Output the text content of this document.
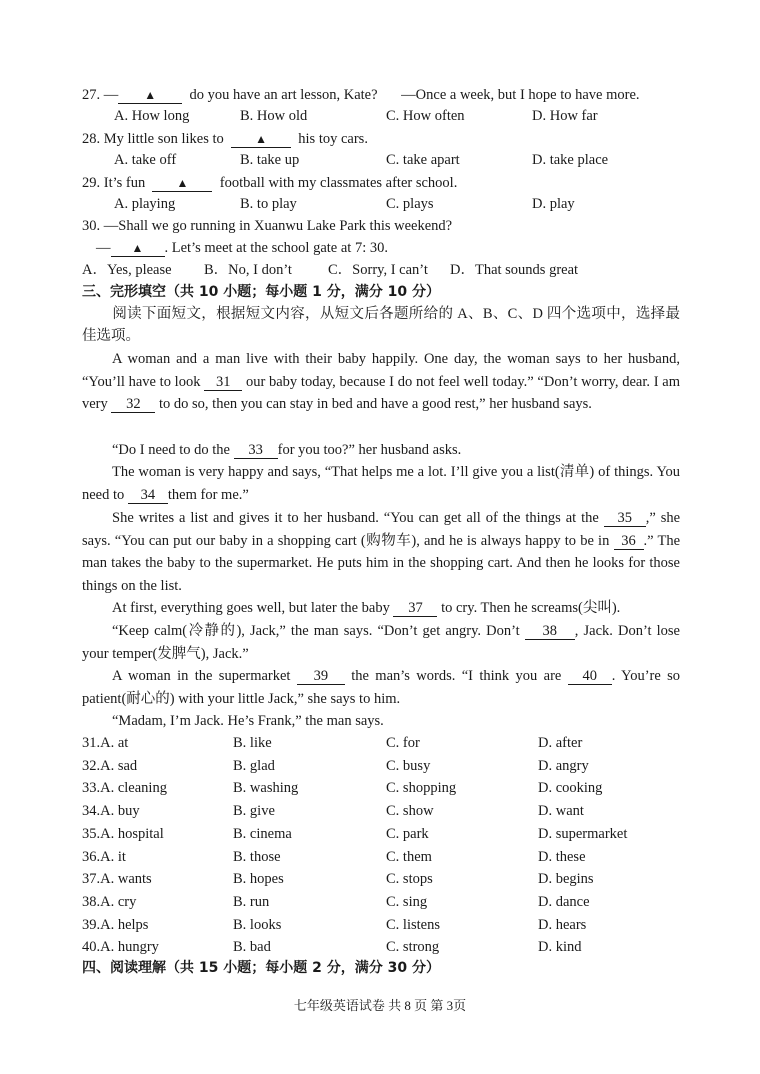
27. — ▲ do you have an art lesson, Kate? —Once a week, but I hope to have more.
A. How long	B. How old	C. How often	D. How far
28. My little son likes to	▲ his toy cars.
A. take off	B. take up	C. take apart	D. take place
29. It’s fun	▲ football with my classmates after school.
A. playing	B. to play	C. plays	D. play
30. —Shall we go running in Xuanwu Lake Park this weekend?
— ▲ . Let’s meet at the school gate at 7: 30.
A．Yes, please B．No, I don’t C．Sorry, I can’t D．That sounds great
三、完形填空（共 10 小题；每小题 1 分，满分 10 分）
阅读下面短文，根据短文内容，从短文后各题所给的 A、B、C、D 四个选项中，选择最佳选项。
A woman and a man live with their baby happily. One day, the woman says to her husband, “You’ll have to look 31 our baby today, because I do not feel well today.” “Don’t worry, dear. I am very 32 to do so, then you can stay in bed and have a good rest,” her husband says.
“Do I need to do the 33 for you too?” her husband asks.
The woman is very happy and says, “That helps me a lot. I’ll give you a list(清单) of things. You need to 34 them for me.”
She writes a list and gives it to her husband. “You can get all of the things at the 35 ,” she says. “You can put our baby in a shopping cart (购物车), and he is always happy to be in 36 .” The man takes the baby to the supermarket. He puts him in the shopping cart. And then he looks for those things on the list.
At first, everything goes well, but later the baby 37 to cry. Then he screams(尖叫).
“Keep calm(冷静的), Jack,” the man says. “Don’t get angry. Don’t 38 , Jack. Don’t lose your temper(发脾气), Jack.”
A woman in the supermarket 39 the man’s words. “I think you are 40 . You’re so patient(耐心的) with your little Jack,” she says to him.
“Madam, I’m Jack. He’s Frank,” the man says.
31.A. at	B. like	C. for	D. after
32.A. sad	B. glad	C. busy	D. angry
33.A. cleaning	B. washing	C. shopping	D. cooking
34.A. buy	B. give	C. show	D. want
35.A. hospital	B. cinema	C. park	D. supermarket
36.A. it	B. those	C. them	D. these
37.A. wants	B. hopes	C. stops	D. begins
38.A. cry	B. run	C. sing	D. dance
39.A. helps	B. looks	C. listens	D. hears
40.A. hungry	B. bad	C. strong	D. kind
四、阅读理解（共 15 小题；每小题 2 分，满分 30 分）
七年级英语试卷 共 8 页 第 3页
